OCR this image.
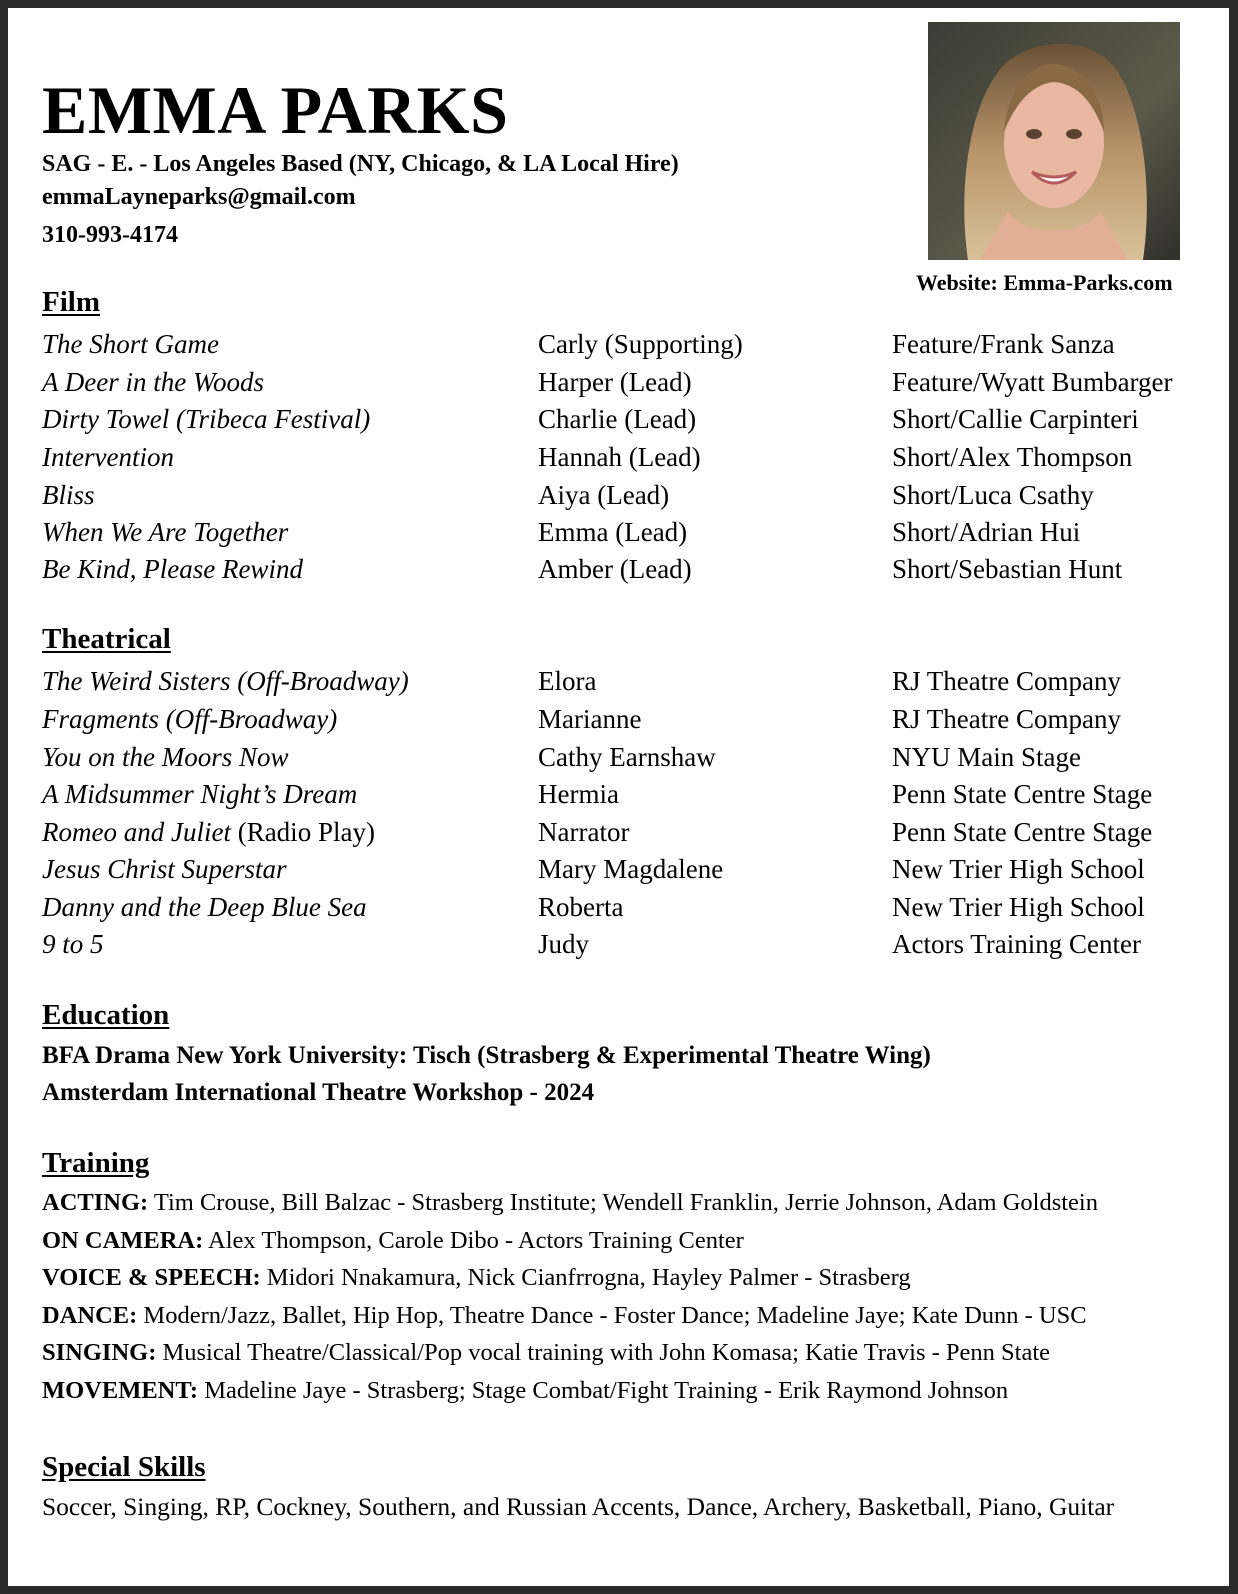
EMMA PARKS
SAG - E. - Los Angeles Based (NY, Chicago, & LA Local Hire)
emmaLayneparks@gmail.com
310-993-4174
Website: Emma-Parks.com
Film
The Short Game	Carly (Supporting)	Feature/Frank Sanza
A Deer in the Woods	Harper (Lead)	Feature/Wyatt Bumbarger
Dirty Towel (Tribeca Festival)	Charlie (Lead)	Short/Callie Carpinteri
Intervention	Hannah (Lead)	Short/Alex Thompson
Bliss	Aiya (Lead)	Short/Luca Csathy
When We Are Together	Emma (Lead)	Short/Adrian Hui
Be Kind, Please Rewind	Amber (Lead)	Short/Sebastian Hunt
Theatrical
The Weird Sisters (Off-Broadway)	Elora	RJ Theatre Company
Fragments (Off-Broadway)	Marianne	RJ Theatre Company
You on the Moors Now	Cathy Earnshaw	NYU Main Stage
A Midsummer Night’s Dream	Hermia	Penn State Centre Stage
Romeo and Juliet (Radio Play)	Narrator	Penn State Centre Stage
Jesus Christ Superstar	Mary Magdalene	New Trier High School
Danny and the Deep Blue Sea	Roberta	New Trier High School
9 to 5	Judy	Actors Training Center
Education
BFA Drama New York University: Tisch (Strasberg & Experimental Theatre Wing)
Amsterdam International Theatre Workshop - 2024
Training
ACTING: Tim Crouse, Bill Balzac - Strasberg Institute; Wendell Franklin, Jerrie Johnson, Adam Goldstein
ON CAMERA: Alex Thompson, Carole Dibo - Actors Training Center
VOICE & SPEECH: Midori Nnakamura, Nick Cianfrrogna, Hayley Palmer - Strasberg
DANCE: Modern/Jazz, Ballet, Hip Hop, Theatre Dance - Foster Dance; Madeline Jaye; Kate Dunn - USC
SINGING: Musical Theatre/Classical/Pop vocal training with John Komasa; Katie Travis - Penn State
MOVEMENT: Madeline Jaye - Strasberg; Stage Combat/Fight Training - Erik Raymond Johnson
Special Skills
Soccer, Singing, RP, Cockney, Southern, and Russian Accents, Dance, Archery, Basketball, Piano, Guitar
